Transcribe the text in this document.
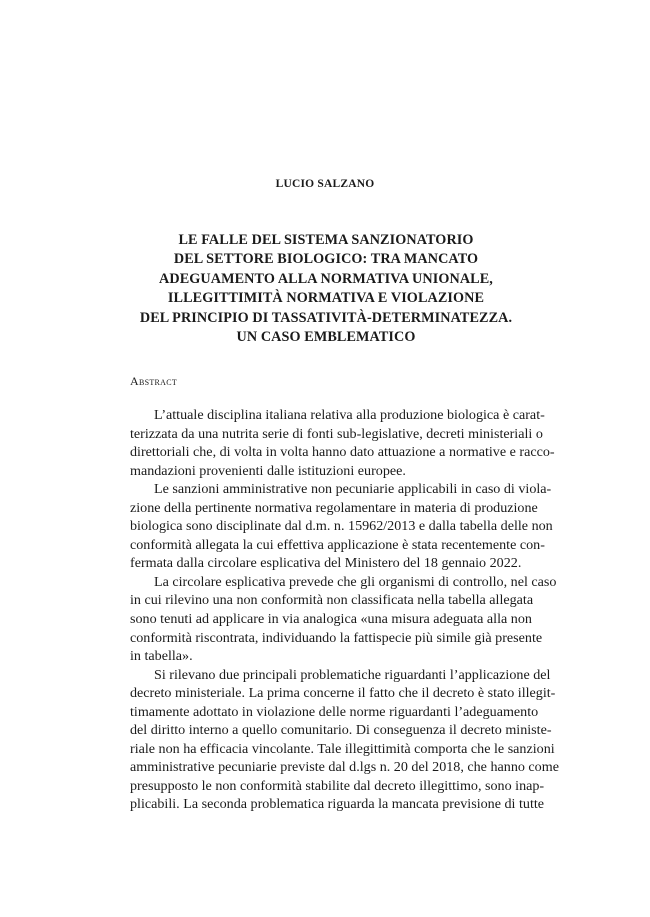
LUCIO SALZANO
LE FALLE DEL SISTEMA SANZIONATORIO
DEL SETTORE BIOLOGICO: TRA MANCATO
ADEGUAMENTO ALLA NORMATIVA UNIONALE,
ILLEGITTIMITÀ NORMATIVA E VIOLAZIONE
DEL PRINCIPIO DI TASSATIVITÀ-DETERMINATEZZA.
UN CASO EMBLEMATICO
Abstract

L’attuale disciplina italiana relativa alla produzione biologica è carat-
terizzata da una nutrita serie di fonti sub-legislative, decreti ministeriali o
direttoriali che, di volta in volta hanno dato attuazione a normative e racco-
mandazioni provenienti dalle istituzioni europee.

Le sanzioni amministrative non pecuniarie applicabili in caso di viola-
zione della pertinente normativa regolamentare in materia di produzione
biologica sono disciplinate dal d.m. n. 15962/2013 e dalla tabella delle non
conformità allegata la cui effettiva applicazione è stata recentemente con-
fermata dalla circolare esplicativa del Ministero del 18 gennaio 2022.

La circolare esplicativa prevede che gli organismi di controllo, nel caso
in cui rilevino una non conformità non classificata nella tabella allegata
sono tenuti ad applicare in via analogica «una misura adeguata alla non
conformità riscontrata, individuando la fattispecie più simile già presente
in tabella».

Si rilevano due principali problematiche riguardanti l’applicazione del
decreto ministeriale. La prima concerne il fatto che il decreto è stato illegit-
timamente adottato in violazione delle norme riguardanti l’adeguamento
del diritto interno a quello comunitario. Di conseguenza il decreto ministe-
riale non ha efficacia vincolante. Tale illegittimità comporta che le sanzioni
amministrative pecuniarie previste dal d.lgs n. 20 del 2018, che hanno come
presupposto le non conformità stabilite dal decreto illegittimo, sono inap-
plicabili. La seconda problematica riguarda la mancata previsione di tutte
